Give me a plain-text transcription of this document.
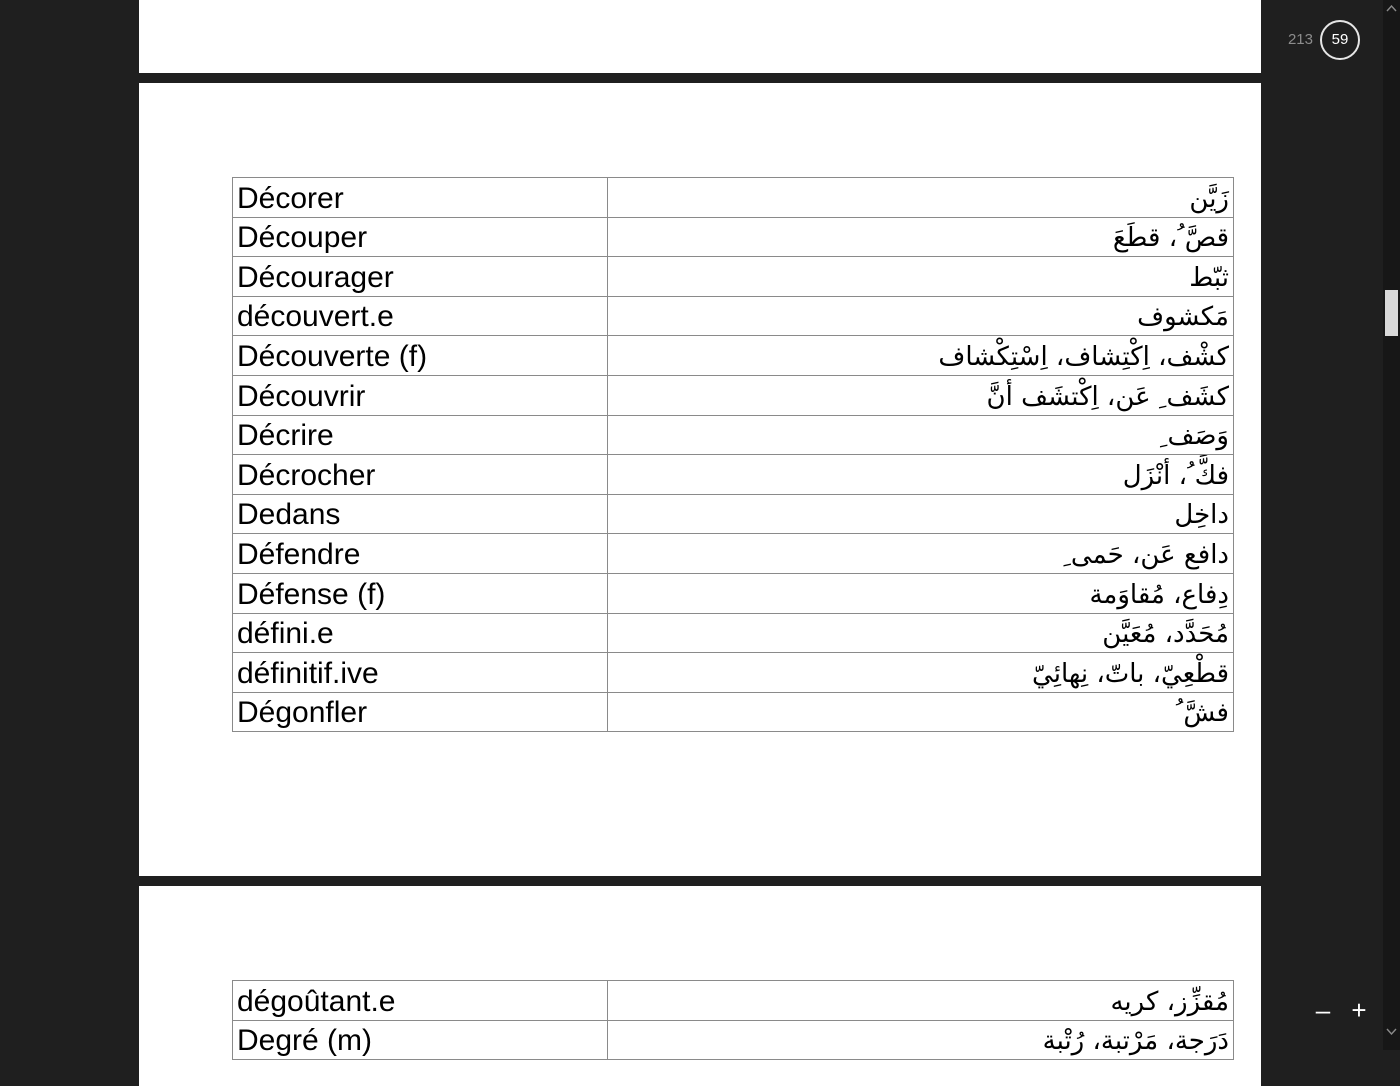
Décorer	زَيَّن
Découper	قصَّ ُ، قطَعَ
Décourager	ثبّط
découvert.e	مَكشوف
Découverte (f)	كشْف، اِكْتِشاف، اِسْتِكْشاف
Découvrir	كشَف ِ عَن، اِكْتشَف أنَّ
Décrire	وَصَف ِ
Décrocher	فكَّ ُ، أنْزَل
Dedans	داخِل
Défendre	دافع عَن، حَمى ِ
Défense (f)	دِفاع، مُقاوَمة
défini.e	مُحَدَّد، مُعَيَّن
définitif.ive	قطْعِيّ، باتّ، نِهائِيّ
Dégonfler	فشَّ ُ
dégoûtant.e	مُقزِّز، كريه
Degré (m)	دَرَجة، مَرْتبة، رُتْبة
213	59
– +
